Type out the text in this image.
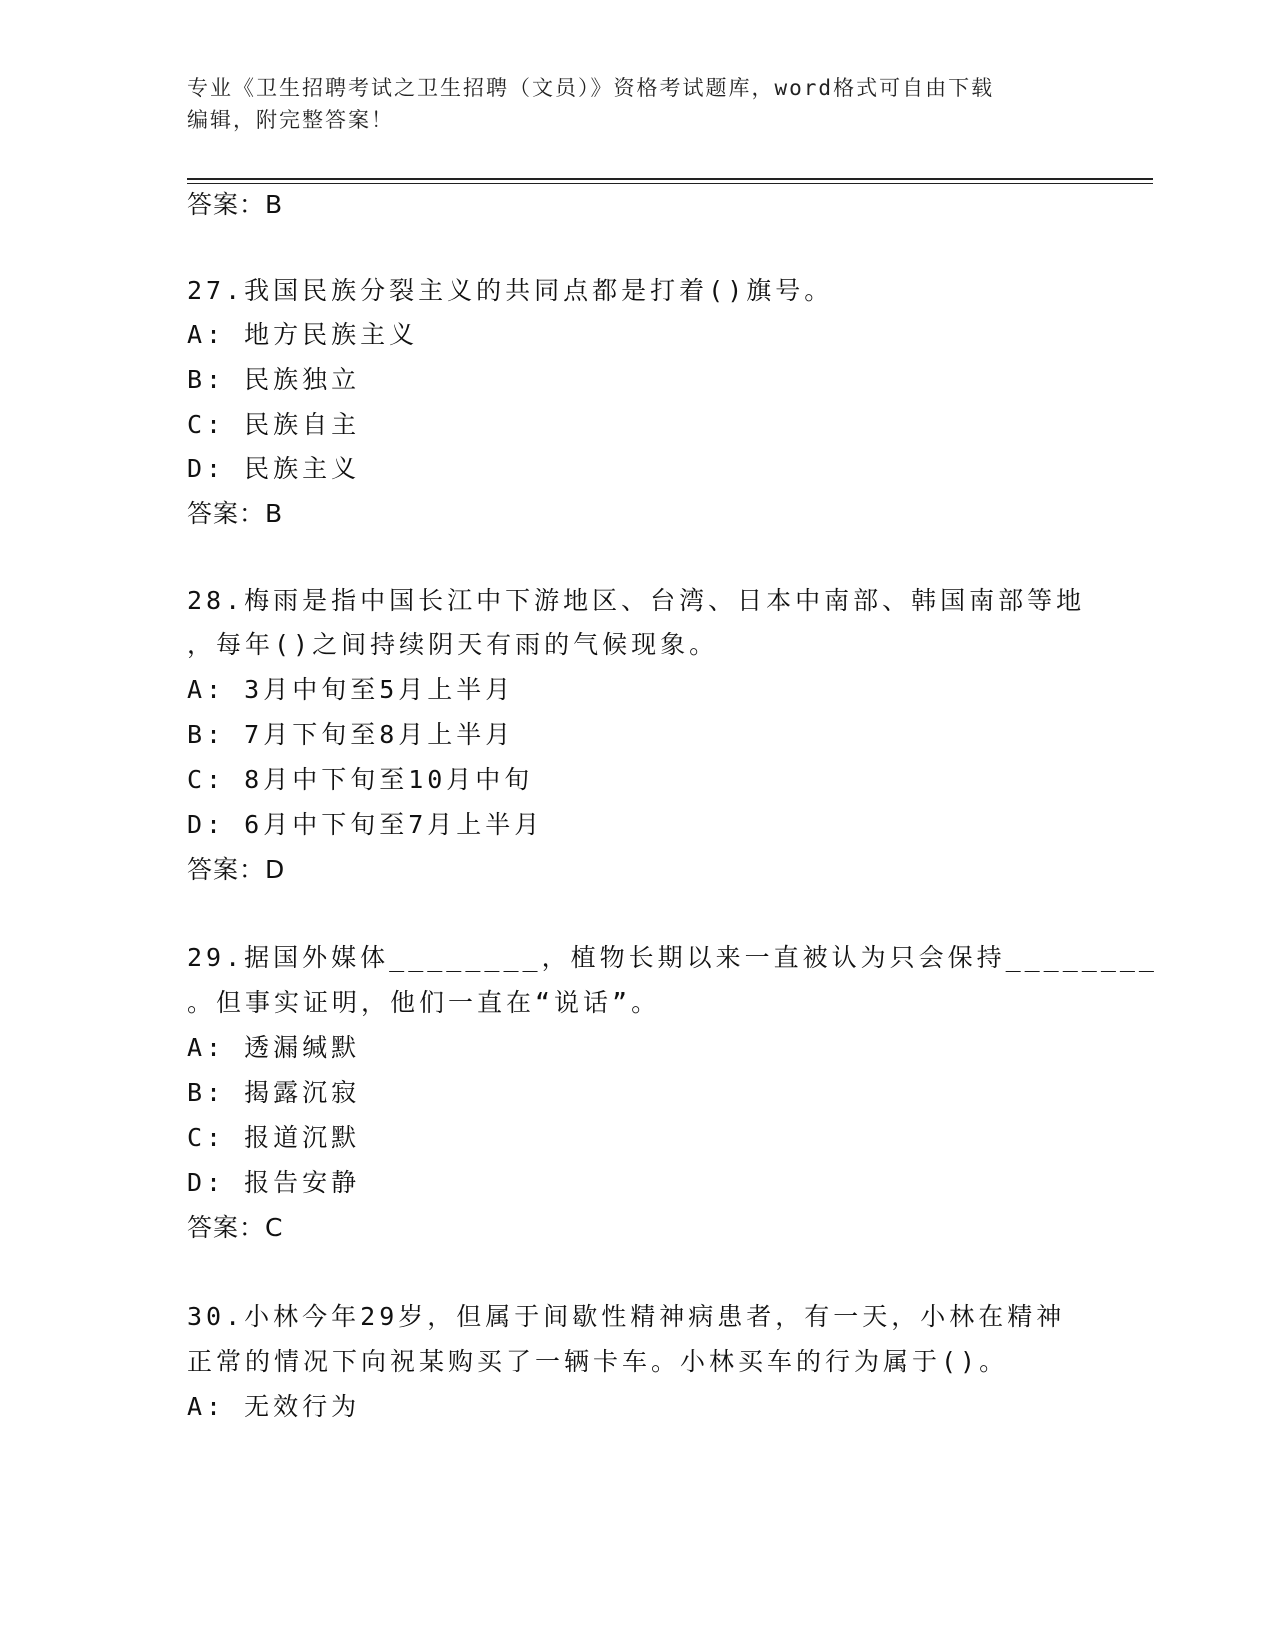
专业《卫生招聘考试之卫生招聘（文员）》资格考试题库，word格式可自由下载
编辑，附完整答案！
答案：B
27.我国民族分裂主义的共同点都是打着()旗号。
A: 地方民族主义
B: 民族独立
C: 民族自主
D: 民族主义
答案：B
28.梅雨是指中国长江中下游地区、台湾、日本中南部、韩国南部等地
，每年()之间持续阴天有雨的气候现象。
A: 3月中旬至5月上半月
B: 7月下旬至8月上半月
C: 8月中下旬至10月中旬
D: 6月中下旬至7月上半月
答案：D
29.据国外媒体________，植物长期以来一直被认为只会保持________
。但事实证明，他们一直在“说话”。
A: 透漏缄默
B: 揭露沉寂
C: 报道沉默
D: 报告安静
答案：C
30.小林今年29岁，但属于间歇性精神病患者，有一天，小林在精神
正常的情况下向祝某购买了一辆卡车。小林买车的行为属于()。
A: 无效行为
